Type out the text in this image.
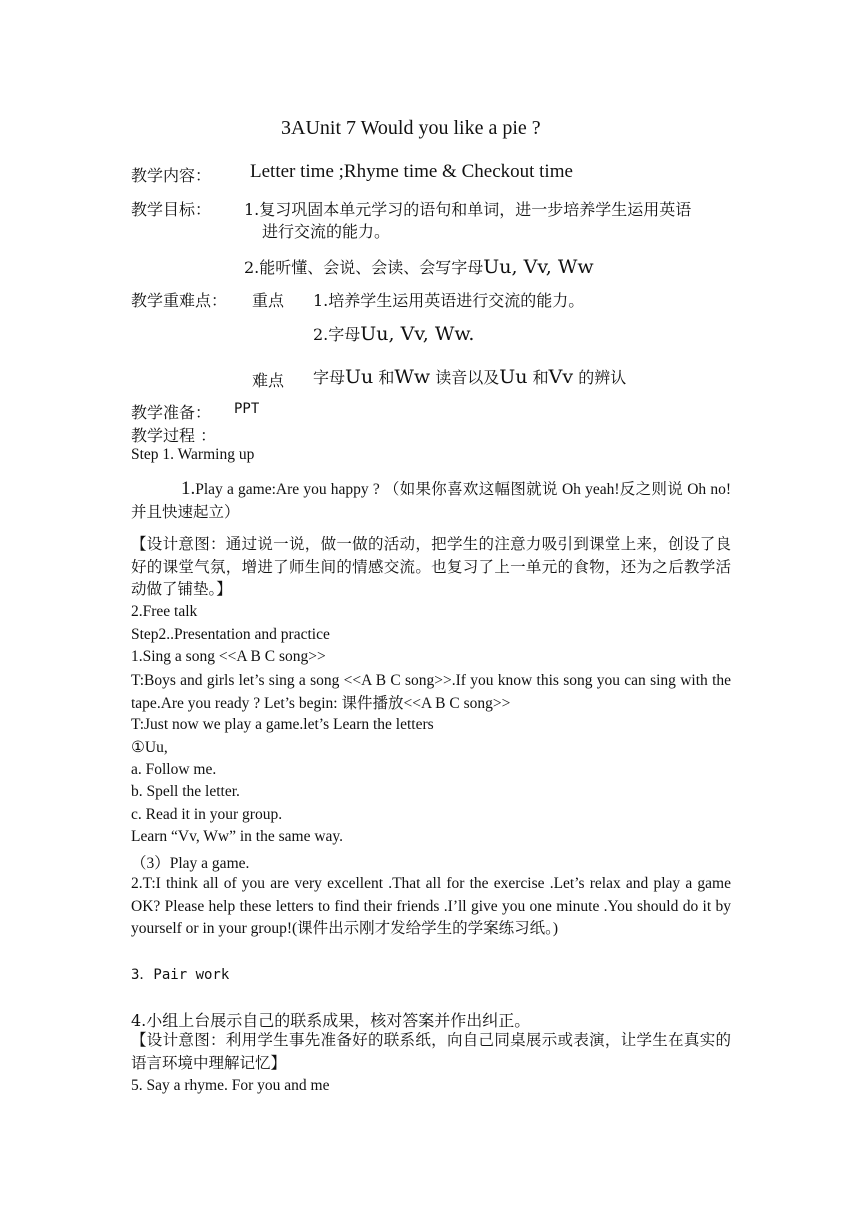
3AUnit 7 Would you like a pie ?
教学内容： Letter time ;Rhyme time & Checkout time
教学目标： 1.复习巩固本单元学习的语句和单词，进一步培养学生运用英语
进行交流的能力。
2.能听懂、会说、会读、会写字母Uu, Vv, Ww
教学重难点： 重点 1.培养学生运用英语进行交流的能力。
2.字母Uu, Vv, Ww.
难点 字母Uu 和Ww 读音以及Uu 和Vv 的辨认
教学准备： PPT
教学过程 ：
Step 1. Warming up
1.Play a game:Are you happy ? （如果你喜欢这幅图就说 Oh yeah!反之则说 Oh no!并且快速起立）
【设计意图：通过说一说，做一做的活动，把学生的注意力吸引到课堂上来，创设了良好的课堂气氛，增进了师生间的情感交流。也复习了上一单元的食物，还为之后教学活动做了铺垫。】
2.Free talk
Step2..Presentation and practice
1.Sing a song <<A B C song>>
T:Boys and girls let’s sing a song <<A B C song>>.If you know this song you can sing with the tape.Are you ready ? Let’s begin: 课件播放<<A B C song>>
T:Just now we play a game.let’s Learn the letters
①Uu,
a. Follow me.
b. Spell the letter.
c. Read it in your group.
Learn “Vv, Ww” in the same way.
（3）Play a game.
2.T:I think all of you are very excellent .That all for the exercise .Let’s relax and play a game OK? Please help these letters to find their friends .I’ll give you one minute .You should do it by yourself or in your group!(课件出示刚才发给学生的学案练习纸。)
3．Pair work
4.小组上台展示自己的联系成果，核对答案并作出纠正。
【设计意图：利用学生事先准备好的联系纸，向自己同桌展示或表演，让学生在真实的语言环境中理解记忆】
5. Say a rhyme. For you and me
